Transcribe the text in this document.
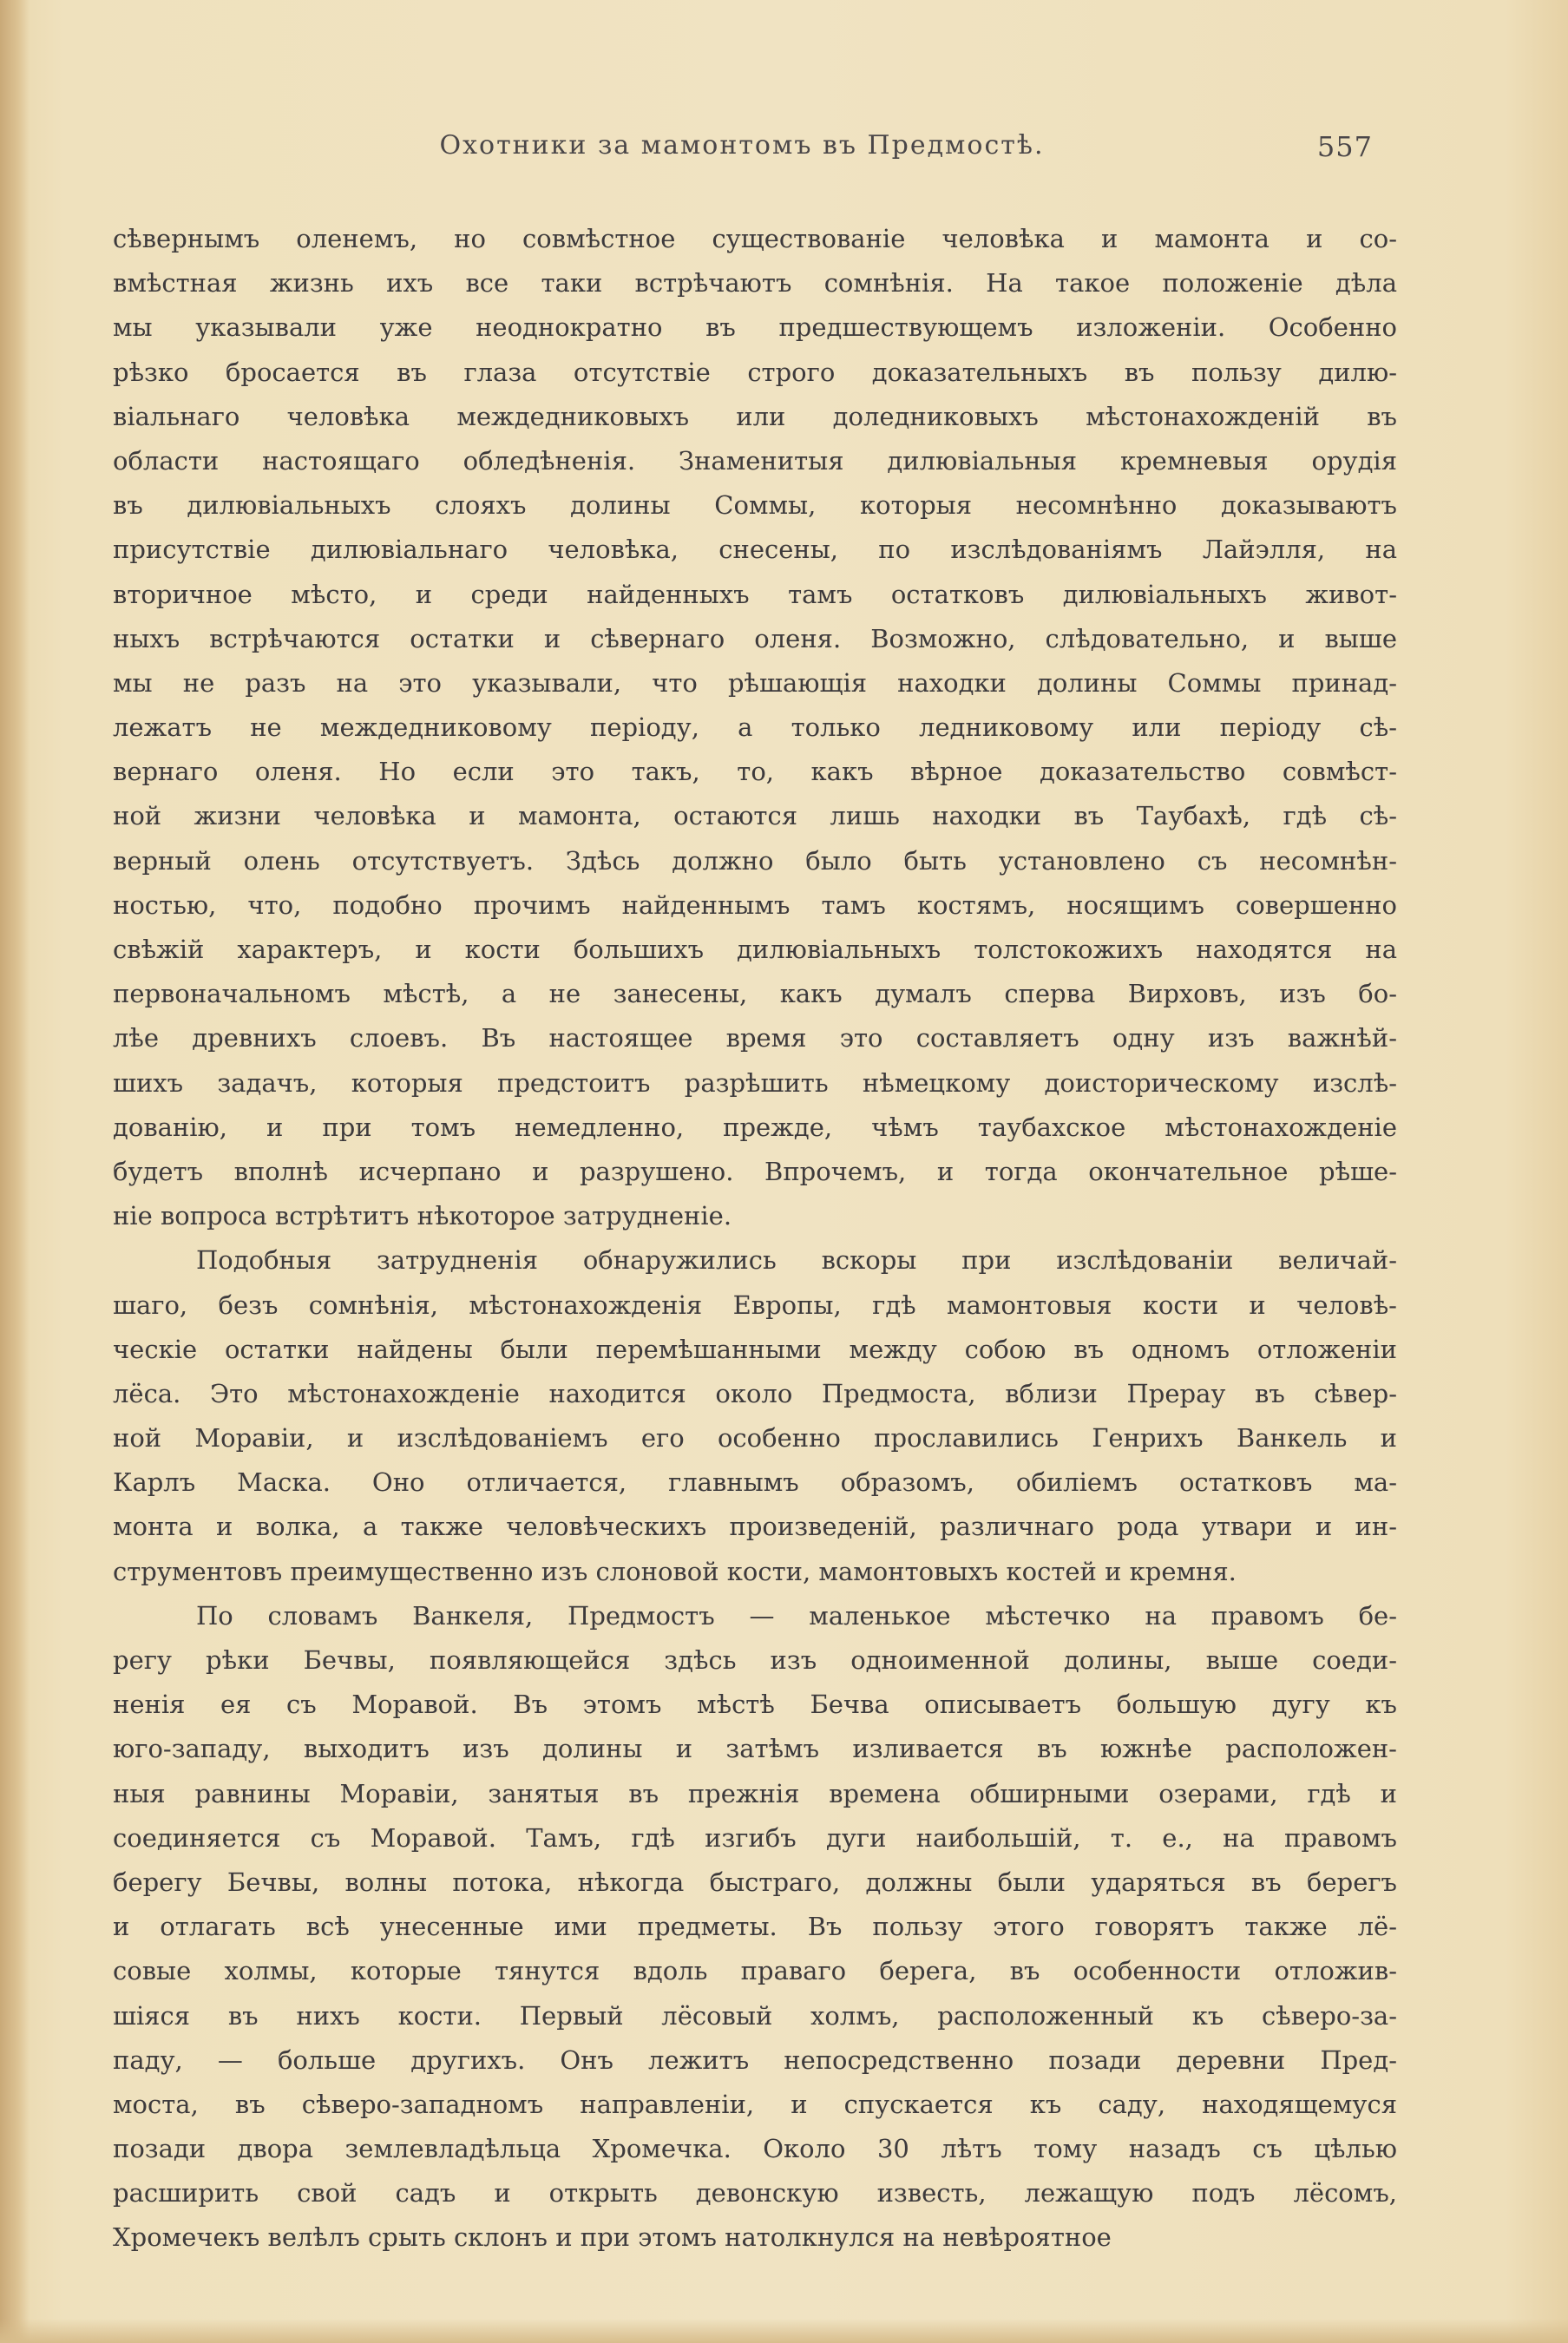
Охотники за мамонтомъ въ Предмостѣ.	557
сѣвернымъ оленемъ, но совмѣстное существованіе человѣка и мамонта и со-
вмѣстная жизнь ихъ все таки встрѣчаютъ сомнѣнія. На такое положеніе дѣла
мы указывали уже неоднократно въ предшествующемъ изложеніи. Особенно
рѣзко бросается въ глаза отсутствіе строго доказательныхъ въ пользу дилю-
віальнаго человѣка междедниковыхъ или доледниковыхъ мѣстонахожденій въ
области настоящаго обледѣненія. Знаменитыя дилювіальныя кремневыя орудія
въ дилювіальныхъ слояхъ долины Соммы, которыя несомнѣнно доказываютъ
присутствіе дилювіальнаго человѣка, снесены, по изслѣдованіямъ Лайэлля, на
вторичное мѣсто, и среди найденныхъ тамъ остатковъ дилювіальныхъ живот-
ныхъ встрѣчаются остатки и сѣвернаго оленя. Возможно, слѣдовательно, и выше
мы не разъ на это указывали, что рѣшающія находки долины Соммы принад-
лежатъ не междедниковому періоду, а только ледниковому или періоду сѣ-
вернаго оленя. Но если это такъ, то, какъ вѣрное доказательство совмѣст-
ной жизни человѣка и мамонта, остаются лишь находки въ Таубахѣ, гдѣ сѣ-
верный олень отсутствуетъ. Здѣсь должно было быть установлено съ несомнѣн-
ностью, что, подобно прочимъ найденнымъ тамъ костямъ, носящимъ совершенно
свѣжій характеръ, и кости большихъ дилювіальныхъ толстокожихъ находятся на
первоначальномъ мѣстѣ, а не занесены, какъ думалъ сперва Вирховъ, изъ бо-
лѣе древнихъ слоевъ. Въ настоящее время это составляетъ одну изъ важнѣй-
шихъ задачъ, которыя предстоитъ разрѣшить нѣмецкому доисторическому изслѣ-
дованію, и при томъ немедленно, прежде, чѣмъ таубахское мѣстонахожденіе
будетъ вполнѣ исчерпано и разрушено. Впрочемъ, и тогда окончательное рѣше-
ніе вопроса встрѣтитъ нѣкоторое затрудненіе.
Подобныя затрудненія обнаружились вскоры при изслѣдованіи величай-
шаго, безъ сомнѣнія, мѣстонахожденія Европы, гдѣ мамонтовыя кости и человѣ-
ческіе остатки найдены были перемѣшанными между собою въ одномъ отложеніи
лёса. Это мѣстонахожденіе находится около Предмоста, вблизи Прерау въ сѣвер-
ной Моравіи, и изслѣдованіемъ его особенно прославились Генрихъ Ванкель и
Карлъ Маска. Оно отличается, главнымъ образомъ, обиліемъ остатковъ ма-
монта и волка, а также человѣческихъ произведеній, различнаго рода утвари и ин-
струментовъ преимущественно изъ слоновой кости, мамонтовыхъ костей и кремня.
По словамъ Ванкеля, Предмостъ — маленькое мѣстечко на правомъ бе-
регу рѣки Бечвы, появляющейся здѣсь изъ одноименной долины, выше соеди-
ненія ея съ Моравой. Въ этомъ мѣстѣ Бечва описываетъ большую дугу къ
юго-западу, выходитъ изъ долины и затѣмъ изливается въ южнѣе расположен-
ныя равнины Моравіи, занятыя въ прежнія времена обширными озерами, гдѣ и
соединяется съ Моравой. Тамъ, гдѣ изгибъ дуги наибольшій, т. е., на правомъ
берегу Бечвы, волны потока, нѣкогда быстраго, должны были ударяться въ берегъ
и отлагать всѣ унесенные ими предметы. Въ пользу этого говорятъ также лё-
совые холмы, которые тянутся вдоль праваго берега, въ особенности отложив-
шіяся въ нихъ кости. Первый лёсовый холмъ, расположенный къ сѣверо-за-
паду, — больше другихъ. Онъ лежитъ непосредственно позади деревни Пред-
моста, въ сѣверо-западномъ направленіи, и спускается къ саду, находящемуся
позади двора землевладѣльца Хромечка. Около 30 лѣтъ тому назадъ съ цѣлью
расширить свой садъ и открыть девонскую известь, лежащую подъ лёсомъ,
Хромечекъ велѣлъ срыть склонъ и при этомъ натолкнулся на невѣроятное
